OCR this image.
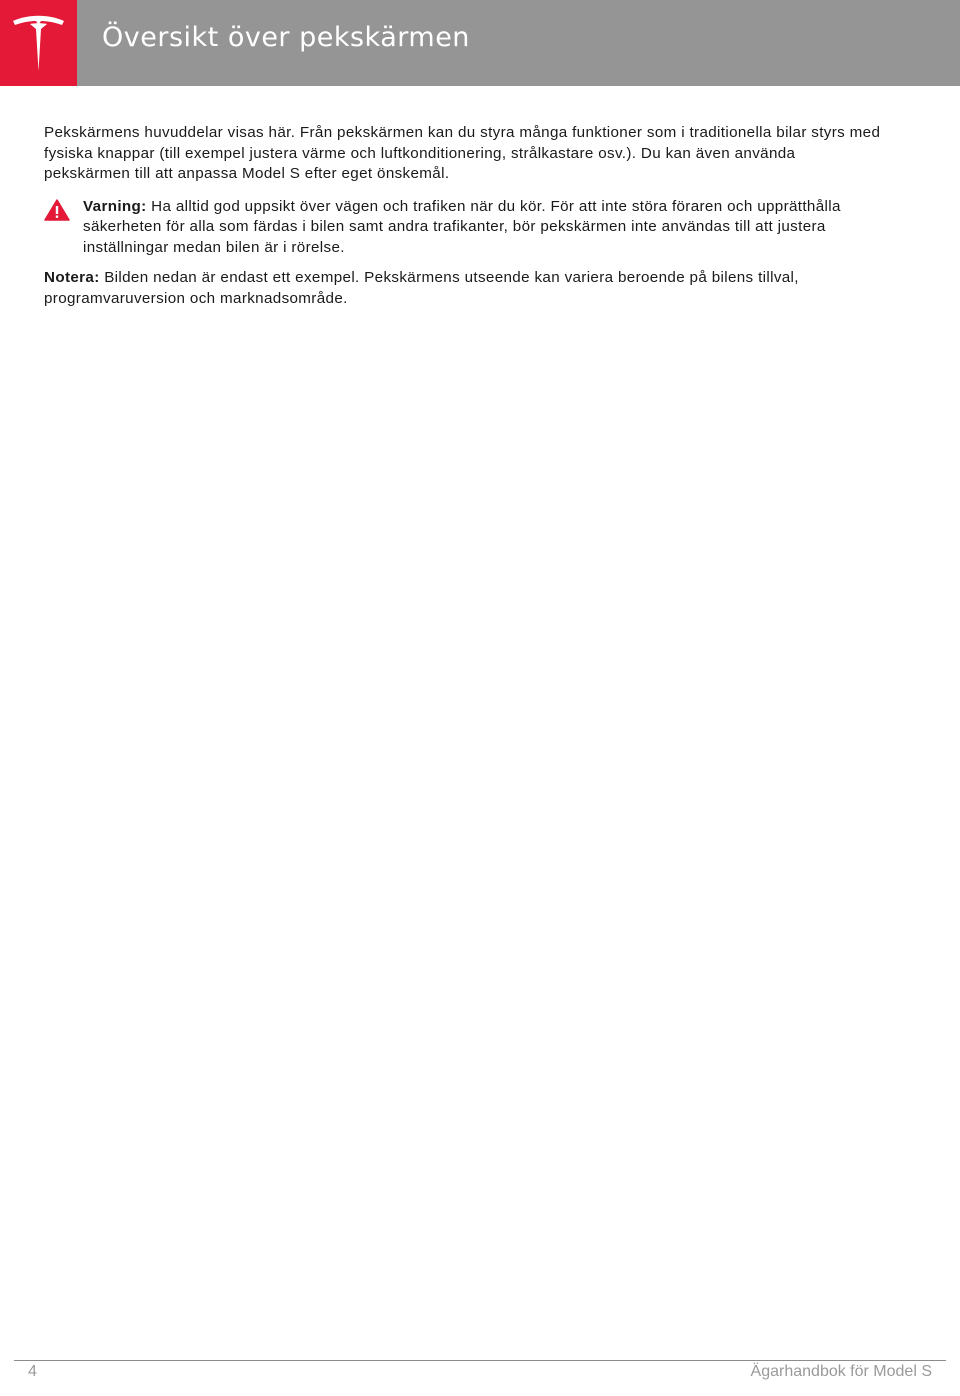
Översikt över pekskärmen

Pekskärmens huvuddelar visas här. Från pekskärmen kan du styra många funktioner som i traditionella bilar styrs med fysiska knappar (till exempel justera värme och luftkonditionering, strålkastare osv.). Du kan även använda pekskärmen till att anpassa Model S efter eget önskemål.

Varning: Ha alltid god uppsikt över vägen och trafiken när du kör. För att inte störa föraren och upprätthålla säkerheten för alla som färdas i bilen samt andra trafikanter, bör pekskärmen inte användas till att justera inställningar medan bilen är i rörelse.

Notera: Bilden nedan är endast ett exempel. Pekskärmens utseende kan variera beroende på bilens tillval, programvaruversion och marknadsområde.

4	Ägarhandbok för Model S
